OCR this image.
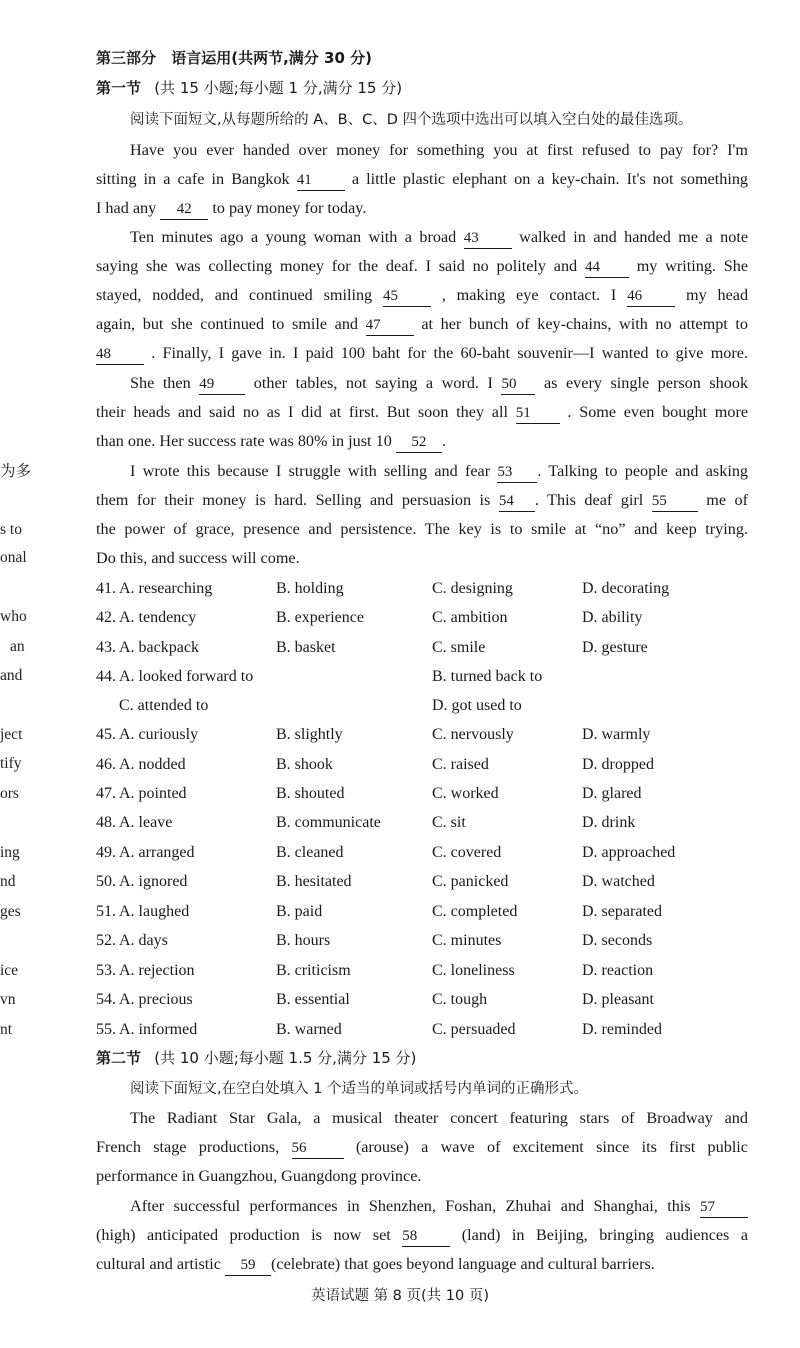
为多
s to
onal
who
an
and
ject
tify
ors
ing
nd
ges
ice
vn
nt
第三部分 语言运用(共两节,满分 30 分)
第一节 (共 15 小题;每小题 1 分,满分 15 分)
阅读下面短文,从每题所给的 A、B、C、D 四个选项中选出可以填入空白处的最佳选项。
Have you ever handed over money for something you at first refused to pay for? I'm
sitting in a cafe in Bangkok 41 a little plastic elephant on a key-chain. It's not something
I had any 42 to pay money for today.
Ten minutes ago a young woman with a broad 43 walked in and handed me a note
saying she was collecting money for the deaf. I said no politely and 44 my writing. She
stayed, nodded, and continued smiling 45	, making eye contact. I 46	my head
again, but she continued to smile and 47	at her bunch of key-chains, with no attempt to
48 . Finally, I gave in. I paid 100 baht for the 60-baht souvenir—I wanted to give more.
She then 49 other tables, not saying a word. I 50 as every single person shook
their heads and said no as I did at first. But soon they all 51 . Some even bought more
than one. Her success rate was 80% in just 10 52 .
I wrote this because I struggle with selling and fear 53 . Talking to people and asking
them for their money is hard. Selling and persuasion is 54 . This deaf girl 55 me of
the power of grace, presence and persistence. The key is to smile at “no” and keep trying.
Do this, and success will come.
41. A. researching	B. holding	C. designing	D. decorating
42. A. tendency	B. experience	C. ambition	D. ability
43. A. backpack	B. basket	C. smile	D. gesture
44. A. looked forward to	B. turned back to
C. attended to	D. got used to
45. A. curiously	B. slightly	C. nervously	D. warmly
46. A. nodded	B. shook	C. raised	D. dropped
47. A. pointed	B. shouted	C. worked	D. glared
48. A. leave	B. communicate	C. sit	D. drink
49. A. arranged	B. cleaned	C. covered	D. approached
50. A. ignored	B. hesitated	C. panicked	D. watched
51. A. laughed	B. paid	C. completed	D. separated
52. A. days	B. hours	C. minutes	D. seconds
53. A. rejection	B. criticism	C. loneliness	D. reaction
54. A. precious	B. essential	C. tough	D. pleasant
55. A. informed	B. warned	C. persuaded	D. reminded
第二节 (共 10 小题;每小题 1.5 分,满分 15 分)
阅读下面短文,在空白处填入 1 个适当的单词或括号内单词的正确形式。
The Radiant Star Gala, a musical theater concert featuring stars of Broadway and
French stage productions, 56	(arouse) a wave of excitement since its first public
performance in Guangzhou, Guangdong province.
After successful performances in Shenzhen, Foshan, Zhuhai and Shanghai, this 57
(high) anticipated production is now set 58	(land) in Beijing, bringing audiences a
cultural and artistic 59 (celebrate) that goes beyond language and cultural barriers.
英语试题 第 8 页(共 10 页)
